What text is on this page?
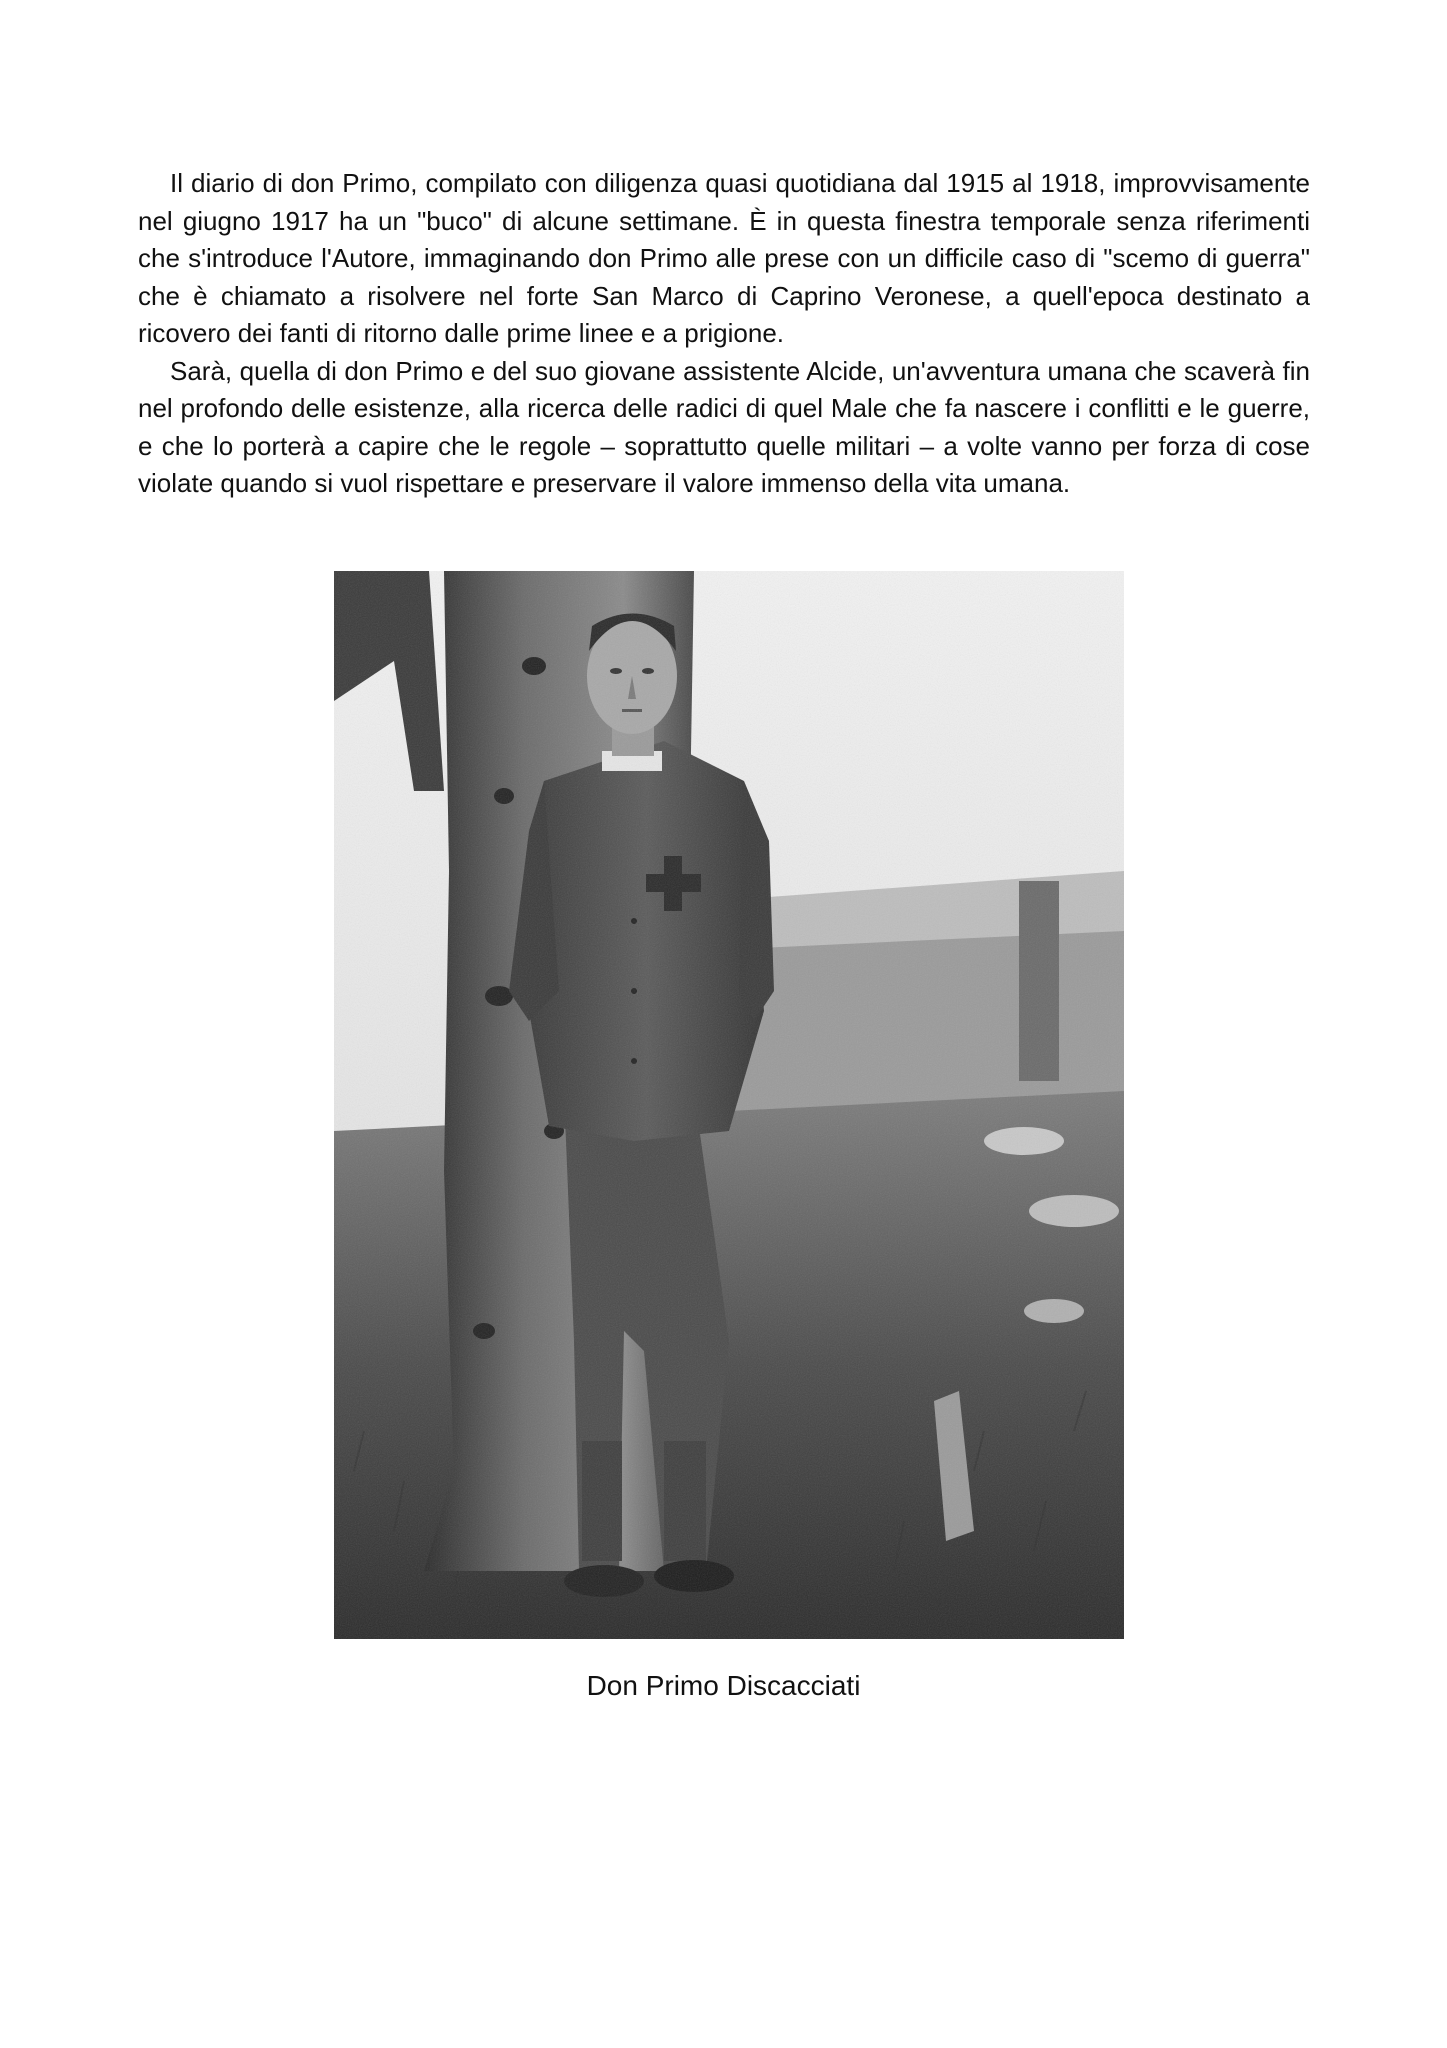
Il diario di don Primo, compilato con diligenza quasi quotidiana dal 1915 al 1918, improvvisamente nel giugno 1917 ha un "buco" di alcune settimane. È in questa finestra temporale senza riferimenti che s'introduce l'Autore, immaginando don Primo alle prese con un difficile caso di "scemo di guerra" che è chiamato a risolvere nel forte San Marco di Caprino Veronese, a quell'epoca destinato a ricovero dei fanti di ritorno dalle prime linee e a prigione.

Sarà, quella di don Primo e del suo giovane assistente Alcide, un'avventura umana che scaverà fin nel profondo delle esistenze, alla ricerca delle radici di quel Male che fa nascere i conflitti e le guerre, e che lo porterà a capire che le regole – soprattutto quelle militari – a volte vanno per forza di cose violate quando si vuol rispettare e preservare il valore immenso della vita umana.

Don Primo Discacciati
